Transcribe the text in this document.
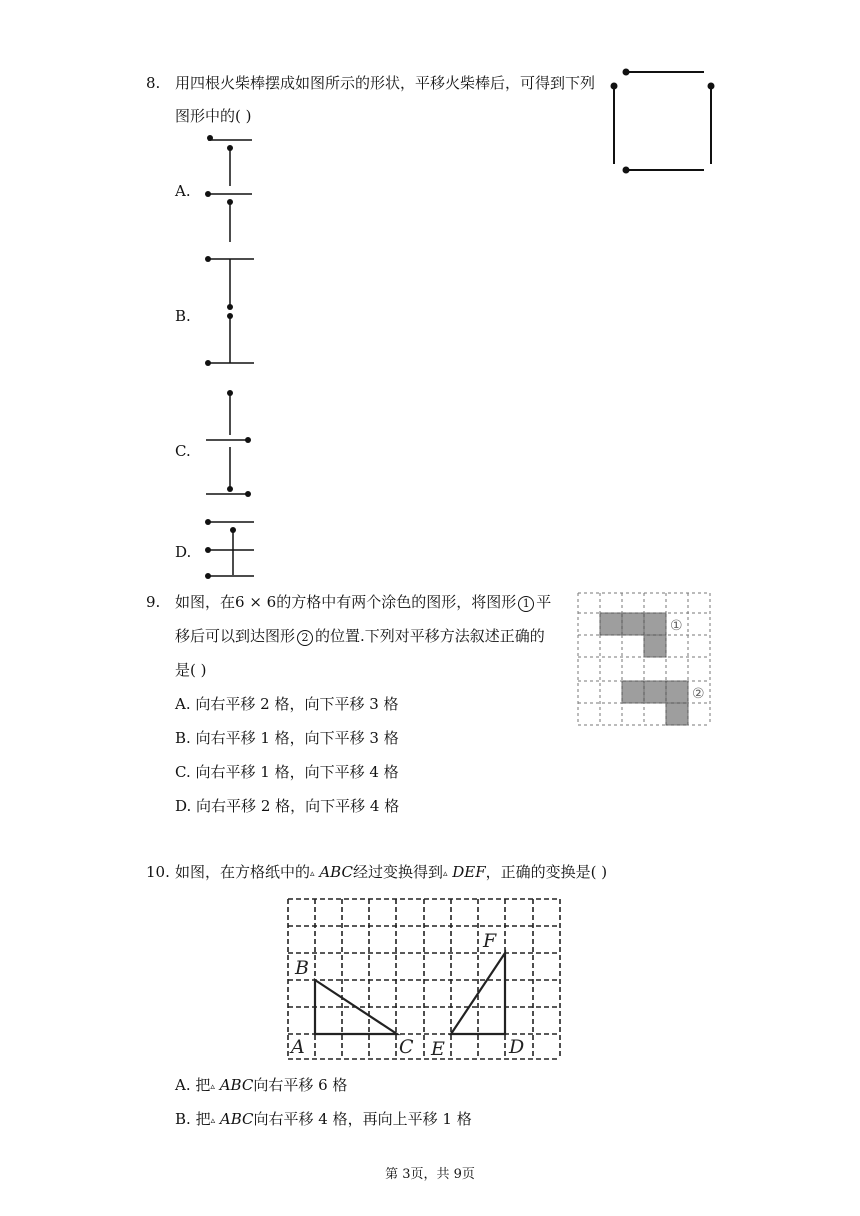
8. 用四根火柴棒摆成如图所示的形状，平移火柴棒后，可得到下列
图形中的( )
A.
B.
C.
D.
9. 如图，在6 × 6的方格中有两个涂色的图形，将图形 1 平
移后可以到达图形 2 的位置.下列对平移方法叙述正确的
是( )
A. 向右平移 2 格，向下平移 3 格
B. 向右平移 1 格，向下平移 3 格
C. 向右平移 1 格，向下平移 4 格
D. 向右平移 2 格，向下平移 4 格
①
②
10. 如图，在方格纸中的▵ ABC经过变换得到▵ DEF，正确的变换是( )
B
A	C E	D
F
A. 把▵ ABC向右平移 6 格
B. 把▵ ABC向右平移 4 格，再向上平移 1 格
第 3页，共 9页
